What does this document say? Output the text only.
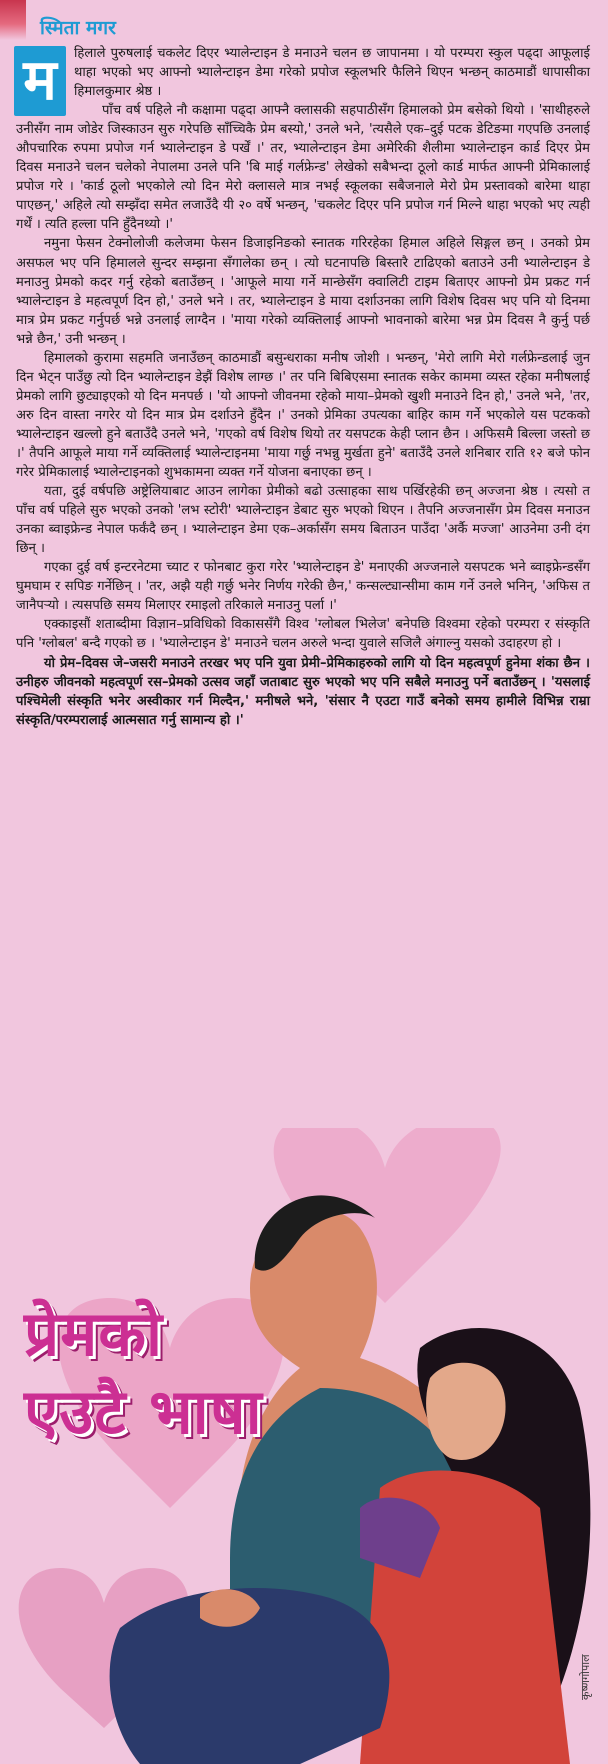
स्मिता मगर

हिलाले पुरुषलाई चकलेट दिएर भ्यालेन्टाइन डे मनाउने चलन छ जापानमा । यो परम्परा स्कुल पढ्दा आफूलाई थाहा भएको भए आफ्नो भ्यालेन्टाइन डेमा गरेको प्रपोज स्कूलभरि फैलिने थिएन भन्छन् काठमाडौं धापासीका हिमालकुमार श्रेष्ठ ।

पाँच वर्ष पहिले नौ कक्षामा पढ्दा आफ्नै क्लासकी सहपाठीसँग हिमालको प्रेम बसेको थियो । 'साथीहरुले उनीसँग नाम जोडेर जिस्काउन सुरु गरेपछि साँच्चिकै प्रेम बस्यो,' उनले भने, 'त्यसैले एक–दुई पटक डेटिङमा गएपछि उनलाई औपचारिक रुपमा प्रपोज गर्न भ्यालेन्टाइन डे पर्खें ।' तर, भ्यालेन्टाइन डेमा अमेरिकी शैलीमा भ्यालेन्टाइन कार्ड दिएर प्रेम दिवस मनाउने चलन चलेको नेपालमा उनले पनि 'बि माई गर्लफ्रेन्ड' लेखेको सबैभन्दा ठूलो कार्ड मार्फत आफ्नी प्रेमिकालाई प्रपोज गरे । 'कार्ड ठूलो भएकोले त्यो दिन मेरो क्लासले मात्र नभई स्कूलका सबैजनाले मेरो प्रेम प्रस्तावको बारेमा थाहा पाएछन्,' अहिले त्यो सम्झँदा समेत लजाउँदै यी २० वर्षे भन्छन्, 'चकलेट दिएर पनि प्रपोज गर्न मिल्ने थाहा भएको भए त्यही गर्थें । त्यति हल्ला पनि हुँदैनथ्यो ।'

नमुना फेसन टेक्नोलोजी कलेजमा फेसन डिजाइनिङको स्नातक गरिरहेका हिमाल अहिले सिङ्गल छन् । उनको प्रेम असफल भए पनि हिमालले सुन्दर सम्झना सँगालेका छन् । त्यो घटनापछि बिस्तारै टाढिएको बताउने उनी भ्यालेन्टाइन डे मनाउनु प्रेमको कदर गर्नु रहेको बताउँछन् । 'आफूले माया गर्ने मान्छेसँग क्वालिटी टाइम बिताएर आफ्नो प्रेम प्रकट गर्न भ्यालेन्टाइन डे महत्वपूर्ण दिन हो,' उनले भने । तर, भ्यालेन्टाइन डे माया दर्शाउनका लागि विशेष दिवस भए पनि यो दिनमा मात्र प्रेम प्रकट गर्नुपर्छ भन्ने उनलाई लाग्दैन । 'माया गरेको व्यक्तिलाई आफ्नो भावनाको बारेमा भन्न प्रेम दिवस नै कुर्नु पर्छ भन्ने छैन,' उनी भन्छन् ।

हिमालको कुरामा सहमति जनाउँछन् काठमाडौं बसुन्धराका मनीष जोशी । भन्छन्, 'मेरो लागि मेरो गर्लफ्रेन्डलाई जुन दिन भेट्न पाउँछु त्यो दिन भ्यालेन्टाइन डेझैं विशेष लाग्छ ।' तर पनि बिबिएसमा स्नातक सकेर काममा व्यस्त रहेका मनीषलाई प्रेमको लागि छुट्याइएको यो दिन मनपर्छ । 'यो आफ्नो जीवनमा रहेको माया–प्रेमको खुशी मनाउने दिन हो,' उनले भने, 'तर, अरु दिन वास्ता नगरेर यो दिन मात्र प्रेम दर्शाउने हुँदैन ।' उनको प्रेमिका उपत्यका बाहिर काम गर्ने भएकोले यस पटकको भ्यालेन्टाइन खल्लो हुने बताउँदै उनले भने, 'गएको वर्ष विशेष थियो तर यसपटक केही प्लान छैन । अफिसमै बिल्ला जस्तो छ ।' तैपनि आफूले माया गर्ने व्यक्तिलाई भ्यालेन्टाइनमा 'माया गर्छु नभन्नु मुर्खता हुने' बताउँदै उनले शनिबार राति १२ बजे फोन गरेर प्रेमिकालाई भ्यालेन्टाइनको शुभकामना व्यक्त गर्ने योजना बनाएका छन् ।

यता, दुई वर्षपछि अष्ट्रेलियाबाट आउन लागेका प्रेमीको बढो उत्साहका साथ पर्खिरहेकी छन् अज्जना श्रेष्ठ । त्यसो त पाँच वर्ष पहिले सुरु भएको उनको 'लभ स्टोरी' भ्यालेन्टाइन डेबाट सुरु भएको थिएन । तैपनि अज्जनासँग प्रेम दिवस मनाउन उनका ब्वाइफ्रेन्ड नेपाल फर्कंदै छन् । भ्यालेन्टाइन डेमा एक–अर्कासँग समय बिताउन पाउँदा 'अर्कै मज्जा' आउनेमा उनी दंग छिन् ।

गएका दुई वर्ष इन्टरनेटमा च्याट र फोनबाट कुरा गरेर 'भ्यालेन्टाइन डे' मनाएकी अज्जनाले यसपटक भने ब्वाइफ्रेन्डसँग घुमघाम र सपिङ गर्नेछिन् । 'तर, अझै यही गर्छु भनेर निर्णय गरेकी छैन,' कन्सल्ट्यान्सीमा काम गर्ने उनले भनिन्, 'अफिस त जानैपर्‍यो । त्यसपछि समय मिलाएर रमाइलो तरिकाले मनाउनु पर्ला ।'

एक्काइसौं शताब्दीमा विज्ञान–प्रविधिको विकाससँगै विश्व 'ग्लोबल भिलेज' बनेपछि विश्वमा रहेको परम्परा र संस्कृति पनि 'ग्लोबल' बन्दै गएको छ । 'भ्यालेन्टाइन डे' मनाउने चलन अरुले भन्दा युवाले सजिलै अंगाल्नु यसको उदाहरण हो ।

यो प्रेम–दिवस जे–जसरी मनाउने तरखर भए पनि युवा प्रेमी–प्रेमिकाहरुको लागि यो दिन महत्वपूर्ण हुनेमा शंका छैन । उनीहरु जीवनको महत्वपूर्ण रस–प्रेमको उत्सव जहाँ जताबाट सुरु भएको भए पनि सबैले मनाउनु पर्ने बताउँछन् । 'यसलाई पश्चिमेली संस्कृति भनेर अस्वीकार गर्न मिल्दैन,' मनीषले भने, 'संसार नै एउटा गाउँ बनेको समय हामीले विभिन्न राम्रा संस्कृति/परम्परालाई आत्मसात गर्नु सामान्य हो ।'

म
प्रेमको
एउटै भाषा
कृष्णगोपाल
